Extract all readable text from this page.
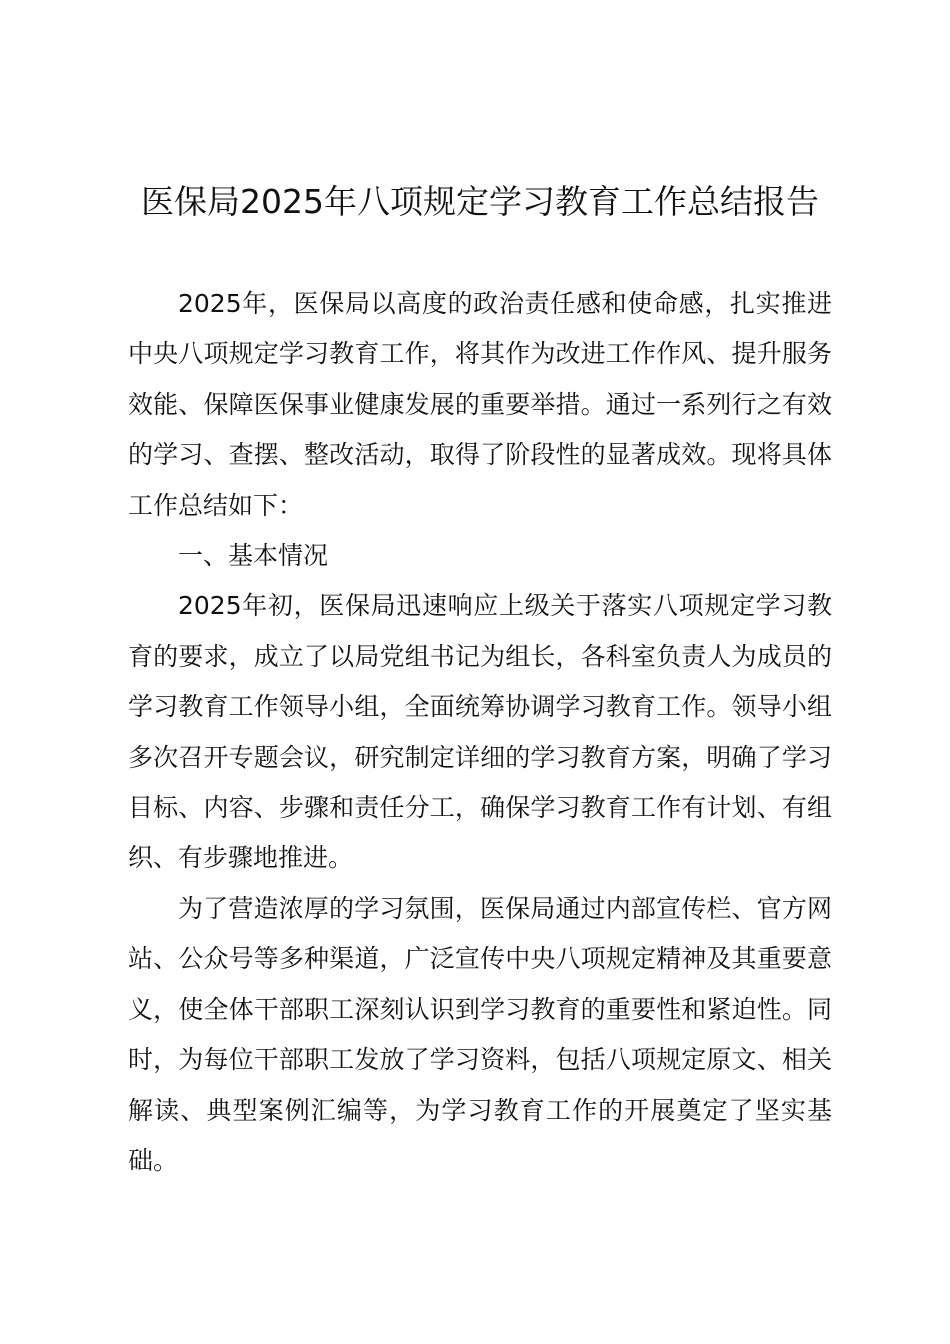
医保局2025年八项规定学习教育工作总结报告

2025年，医保局以高度的政治责任感和使命感，扎实推进中央八项规定学习教育工作，将其作为改进工作作风、提升服务效能、保障医保事业健康发展的重要举措。通过一系列行之有效的学习、查摆、整改活动，取得了阶段性的显著成效。现将具体工作总结如下：

一、基本情况

2025年初，医保局迅速响应上级关于落实八项规定学习教育的要求，成立了以局党组书记为组长，各科室负责人为成员的学习教育工作领导小组，全面统筹协调学习教育工作。领导小组多次召开专题会议，研究制定详细的学习教育方案，明确了学习目标、内容、步骤和责任分工，确保学习教育工作有计划、有组织、有步骤地推进。

为了营造浓厚的学习氛围，医保局通过内部宣传栏、官方网站、公众号等多种渠道，广泛宣传中央八项规定精神及其重要意义，使全体干部职工深刻认识到学习教育的重要性和紧迫性。同时，为每位干部职工发放了学习资料，包括八项规定原文、相关解读、典型案例汇编等，为学习教育工作的开展奠定了坚实基础。
